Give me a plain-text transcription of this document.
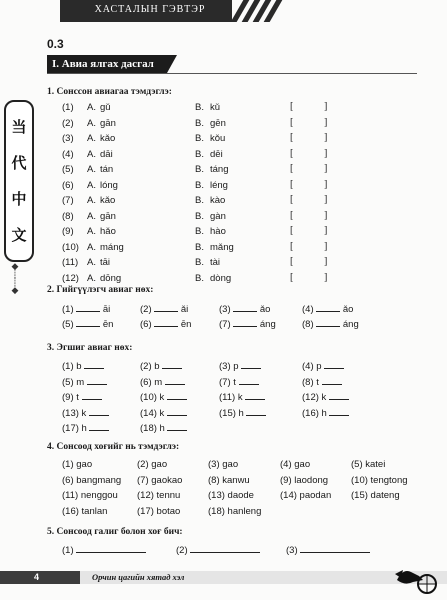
ХАСТАЛЫН ГЭВТЭР
当
代
中
文
◆
┊
┊
◆
0.3
I. Авиа ялгах дасгал
1. Сонссон авиагаа тэмдэглэ:
(1) A. gǔ	B. kǔ	[	]
(2) A. gān	B. gēn	[	]
(3) A. kǎo	B. kǒu	[	]
(4) A. dāi	B. dēi	[	]
(5) A. tán	B. táng	[	]
(6) A. lóng	B. léng	[	]
(7) A. kǎo	B. kào	[	]
(8) A. gān	B. gàn	[	]
(9) A. hǎo	B. hào	[	]
(10) A. máng	B. mǎng	[	]
(11) A. tāi	B. tài	[	]
(12) A. dōng	B. dòng	[	]
2. Гийгүүлэгч авиаг нөх:
(1)	āi	(2)	ǎi	(3)	ǎo	(4)	ǎo
(5)	ēn	(6)	ēn	(7)	áng	(8)	áng
3. Эгшиг авиаг нөх:
(1) b	(2) b	(3) p	(4) p
(5) m	(6) m	(7) t	(8) t
(9) t	(10) k	(11) k	(12) k
(13) k	(14) k	(15) h	(16) h
(17) h	(18) h
4. Сонсоод хоғийг нь тэмдэглэ:
(1) gao	(2) gao	(3) gao	(4) gao	(5) katei
(6) bangmang (7) gaokao	(8) kanwu	(9) laodong (10) tengtong
(11) nenggou (12) tennu	(13) daode	(14) paodan (15) dateng
(16) tanlan	(17) botao	(18) hanleng
5. Сонсоод галиг болон хоғ бич:
(1)	(2)	(3)
4	Орчин цагийн хятад хэл
